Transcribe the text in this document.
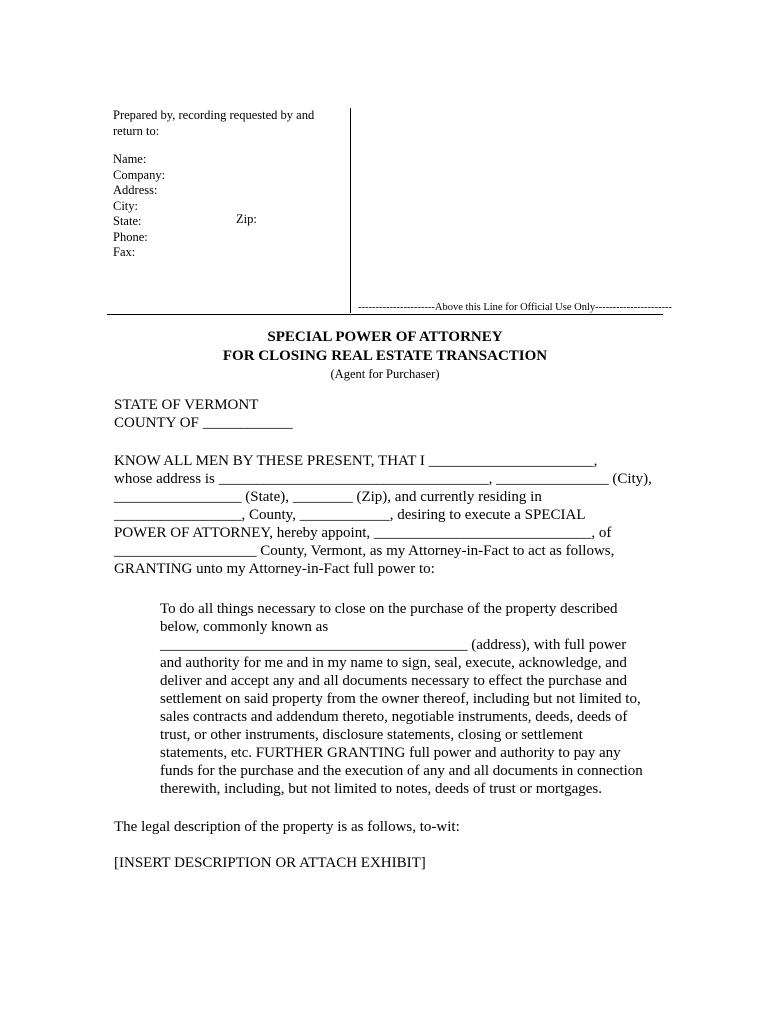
Prepared by, recording requested by and return to:

Name:
Company:
Address:
City:
State:
Phone:
Fax:
Zip:
----------------------Above this Line for Official Use Only----------------------
SPECIAL POWER OF ATTORNEY
FOR CLOSING REAL ESTATE TRANSACTION
(Agent for Purchaser)
STATE OF VERMONT
COUNTY OF ____________
KNOW ALL MEN BY THESE PRESENT, THAT I ______________________,
whose address is ____________________________________, _______________ (City),
_________________ (State), ________ (Zip), and currently residing in
_________________, County, ____________, desiring to execute a SPECIAL
POWER OF ATTORNEY, hereby appoint, _____________________________, of
___________________ County, Vermont, as my Attorney-in-Fact to act as follows,
GRANTING unto my Attorney-in-Fact full power to:
To do all things necessary to close on the purchase of the property described
below, commonly known as
_________________________________________ (address), with full power
and authority for me and in my name to sign, seal, execute, acknowledge, and
deliver and accept any and all documents necessary to effect the purchase and
settlement on said property from the owner thereof, including but not limited to,
sales contracts and addendum thereto, negotiable instruments, deeds, deeds of
trust, or other instruments, disclosure statements, closing or settlement
statements, etc. FURTHER GRANTING full power and authority to pay any
funds for the purchase and the execution of any and all documents in connection
therewith, including, but not limited to notes, deeds of trust or mortgages.
The legal description of the property is as follows, to-wit:
[INSERT DESCRIPTION OR ATTACH EXHIBIT]
